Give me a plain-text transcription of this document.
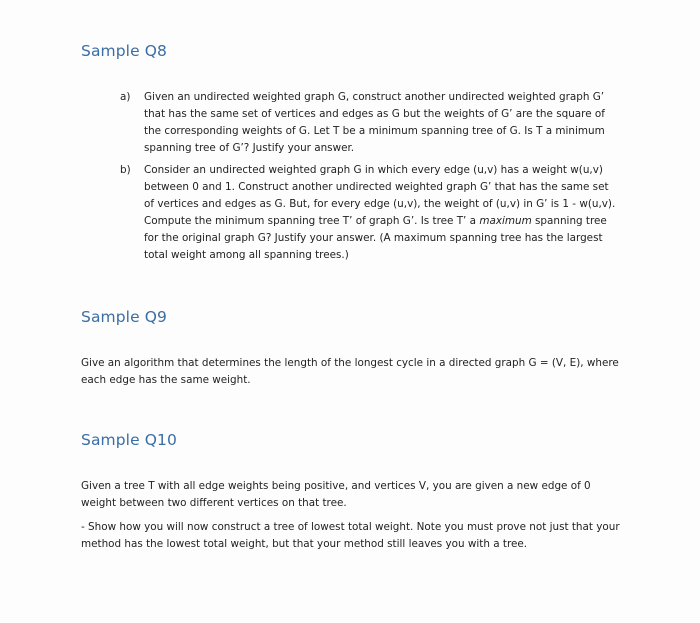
Sample Q8
a)	Given an undirected weighted graph G, construct another undirected weighted graph G’ that has the same set of vertices and edges as G but the weights of G’ are the square of the corresponding weights of G. Let T be a minimum spanning tree of G. Is T a minimum spanning tree of G’? Justify your answer.
b)	Consider an undirected weighted graph G in which every edge (u,v) has a weight w(u,v) between 0 and 1. Construct another undirected weighted graph G’ that has the same set of vertices and edges as G. But, for every edge (u,v), the weight of (u,v) in G’ is 1 - w(u,v). Compute the minimum spanning tree T’ of graph G’. Is tree T’ a maximum spanning tree for the original graph G? Justify your answer. (A maximum spanning tree has the largest total weight among all spanning trees.)
Sample Q9
Give an algorithm that determines the length of the longest cycle in a directed graph G = (V, E), where each edge has the same weight.
Sample Q10
Given a tree T with all edge weights being positive, and vertices V, you are given a new edge of 0 weight between two different vertices on that tree.
- Show how you will now construct a tree of lowest total weight. Note you must prove not just that your method has the lowest total weight, but that your method still leaves you with a tree.
